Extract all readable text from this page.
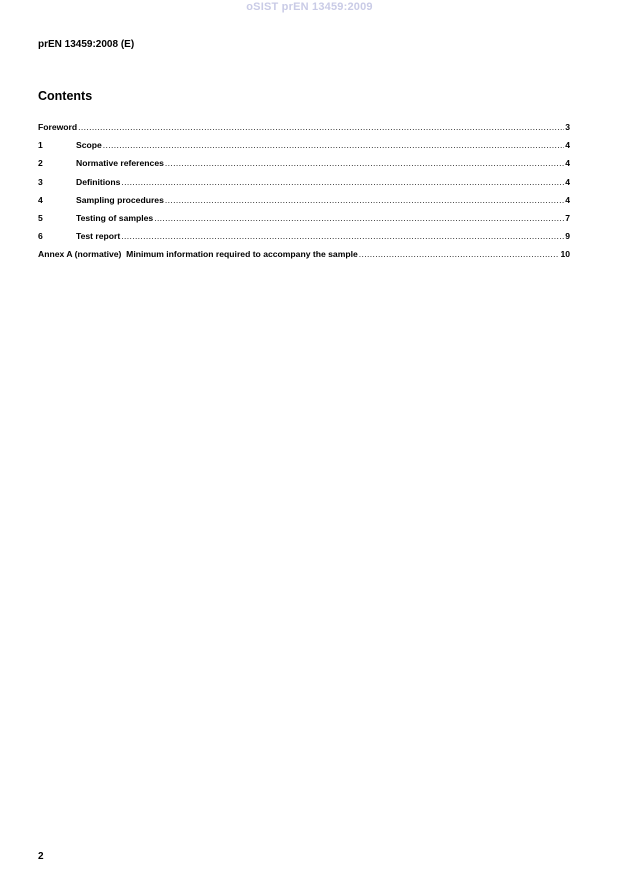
oSIST prEN 13459:2009
prEN 13459:2008 (E)
Contents
Foreword .....	3
1	Scope .....	4
2	Normative references .....	4
3	Definitions .....	4
4	Sampling procedures .....	4
5	Testing of samples .....	7
6	Test report .....	9
Annex A (normative)  Minimum information required to accompany the sample .....	10
2
